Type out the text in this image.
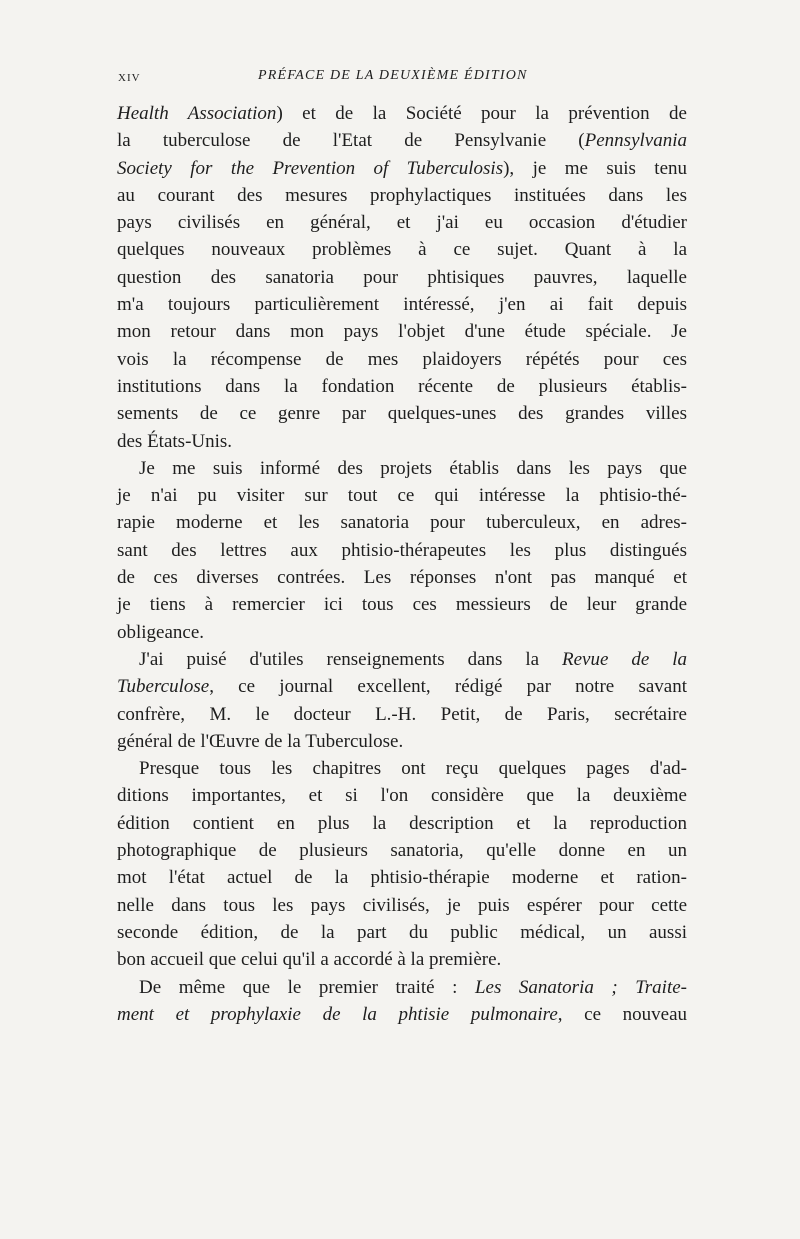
XIV	PRÉFACE DE LA DEUXIÈME ÉDITION
Health Association) et de la Société pour la prévention de
la tuberculose de l'Etat de Pensylvanie (Pennsylvania
Society for the Prevention of Tuberculosis), je me suis tenu
au courant des mesures prophylactiques instituées dans les
pays civilisés en général, et j'ai eu occasion d'étudier
quelques nouveaux problèmes à ce sujet. Quant à la
question des sanatoria pour phtisiques pauvres, laquelle
m'a toujours particulièrement intéressé, j'en ai fait depuis
mon retour dans mon pays l'objet d'une étude spéciale. Je
vois la récompense de mes plaidoyers répétés pour ces
institutions dans la fondation récente de plusieurs établis-
sements de ce genre par quelques-unes des grandes villes
des États-Unis.
Je me suis informé des projets établis dans les pays que
je n'ai pu visiter sur tout ce qui intéresse la phtisio-thé-
rapie moderne et les sanatoria pour tuberculeux, en adres-
sant des lettres aux phtisio-thérapeutes les plus distingués
de ces diverses contrées. Les réponses n'ont pas manqué et
je tiens à remercier ici tous ces messieurs de leur grande
obligeance.
J'ai puisé d'utiles renseignements dans la Revue de la
Tuberculose, ce journal excellent, rédigé par notre savant
confrère, M. le docteur L.-H. Petit, de Paris, secrétaire
général de l'Œuvre de la Tuberculose.
Presque tous les chapitres ont reçu quelques pages d'ad-
ditions importantes, et si l'on considère que la deuxième
édition contient en plus la description et la reproduction
photographique de plusieurs sanatoria, qu'elle donne en un
mot l'état actuel de la phtisio-thérapie moderne et ration-
nelle dans tous les pays civilisés, je puis espérer pour cette
seconde édition, de la part du public médical, un aussi
bon accueil que celui qu'il a accordé à la première.
De même que le premier traité : Les Sanatoria ; Traite-
ment et prophylaxie de la phtisie pulmonaire, ce nouveau
